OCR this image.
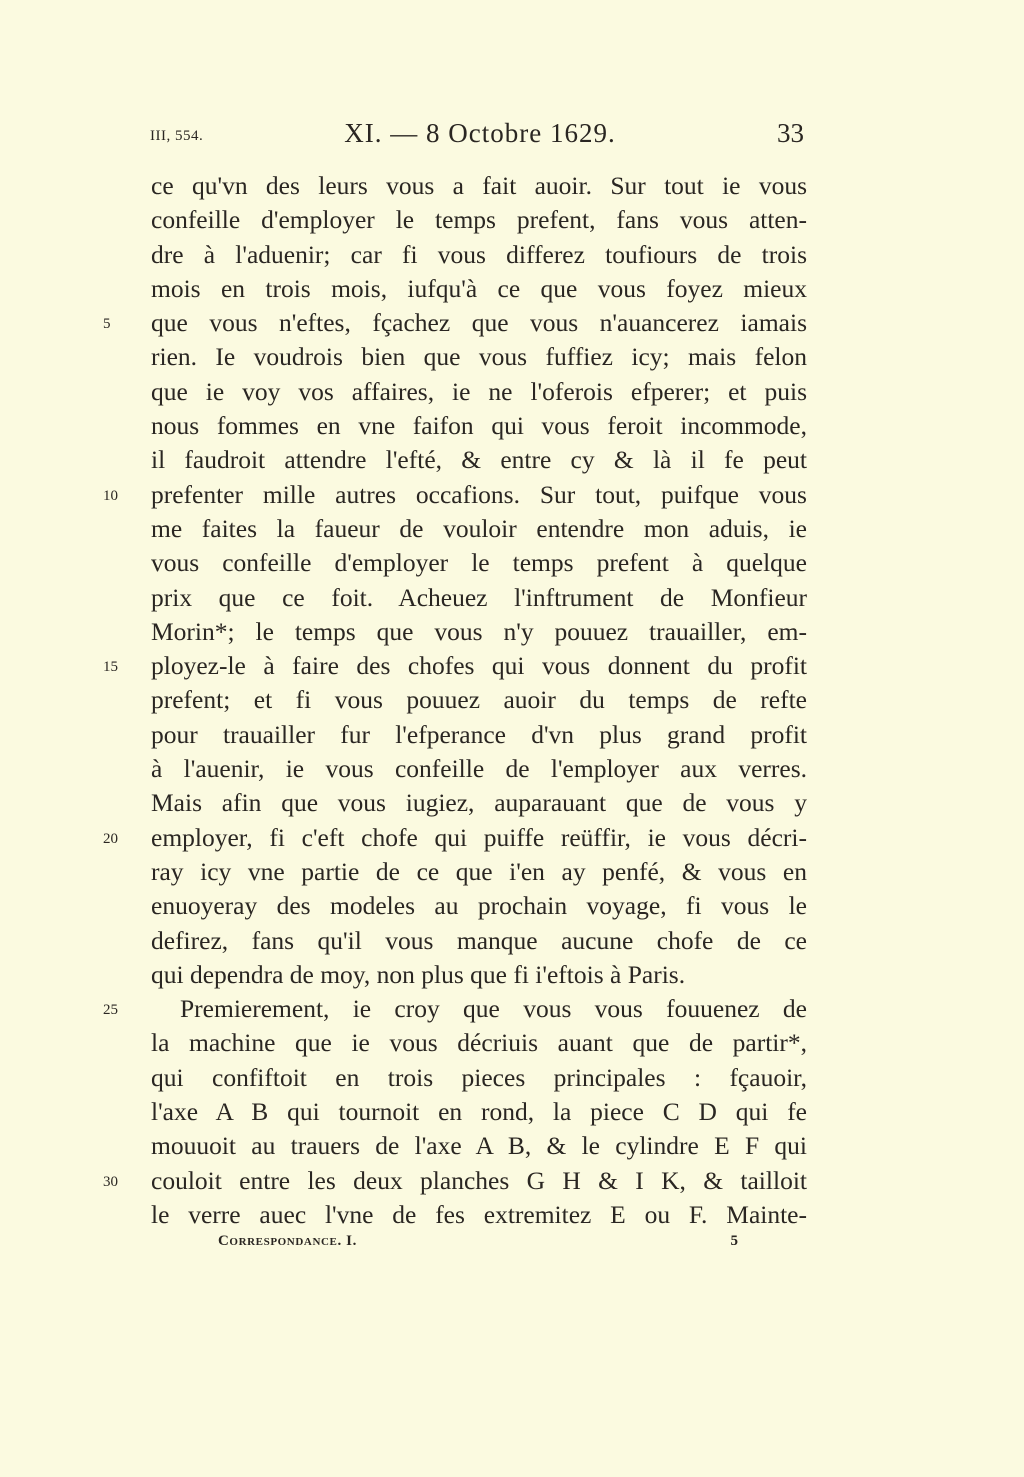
III, 554.	XI. — 8 Octobre 1629.	33
ce qu'vn des leurs vous a fait auoir. Sur tout ie vous
confeille d'employer le temps prefent, fans vous atten-
dre à l'aduenir; car fi vous differez toufiours de trois
mois en trois mois, iufqu'à ce que vous foyez mieux
5	que vous n'eftes, fçachez que vous n'auancerez iamais
rien. Ie voudrois bien que vous fuffiez icy; mais felon
que ie voy vos affaires, ie ne l'oferois efperer; et puis
nous fommes en vne faifon qui vous feroit incommode,
il faudroit attendre l'efté, & entre cy & là il fe peut
10	prefenter mille autres occafions. Sur tout, puifque vous
me faites la faueur de vouloir entendre mon aduis, ie
vous confeille d'employer le temps prefent à quelque
prix que ce foit. Acheuez l'inftrument de Monfieur
Morin*; le temps que vous n'y pouuez trauailler, em-
15	ployez-le à faire des chofes qui vous donnent du profit
prefent; et fi vous pouuez auoir du temps de refte
pour trauailler fur l'efperance d'vn plus grand profit
à l'auenir, ie vous confeille de l'employer aux verres.
Mais afin que vous iugiez, auparauant que de vous y
20	employer, fi c'eft chofe qui puiffe reüffir, ie vous décri-
ray icy vne partie de ce que i'en ay penfé, & vous en
enuoyeray des modeles au prochain voyage, fi vous le
defirez, fans qu'il vous manque aucune chofe de ce
qui dependra de moy, non plus que fi i'eftois à Paris.
25	Premierement, ie croy que vous vous fouuenez de
la machine que ie vous décriuis auant que de partir*,
qui confiftoit en trois pieces principales : fçauoir,
l'axe A B qui tournoit en rond, la piece C D qui fe
mouuoit au trauers de l'axe A B, & le cylindre E F qui
30	couloit entre les deux planches G H & I K, & tailloit
le verre auec l'vne de fes extremitez E ou F. Mainte-
Correspondance. I.	5
